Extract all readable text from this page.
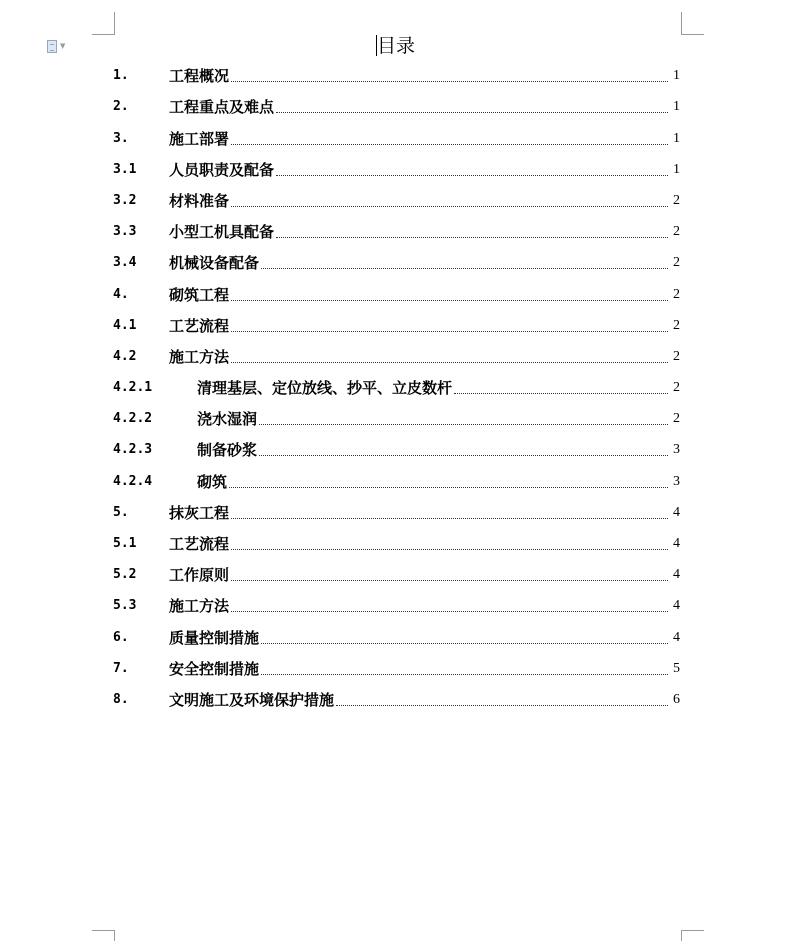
▼	目录
1.	工程概况	1
2.	工程重点及难点	1
3.	施工部署	1
3.1	人员职责及配备	1
3.2	材料准备	2
3.3	小型工机具配备	2
3.4	机械设备配备	2
4.	砌筑工程	2
4.1	工艺流程	2
4.2	施工方法	2
4.2.1	清理基层、定位放线、抄平、立皮数杆	2
4.2.2	浇水湿润	2
4.2.3	制备砂浆	3
4.2.4	砌筑	3
5.	抹灰工程	4
5.1	工艺流程	4
5.2	工作原则	4
5.3	施工方法	4
6.	质量控制措施	4
7.	安全控制措施	5
8.	文明施工及环境保护措施	6
